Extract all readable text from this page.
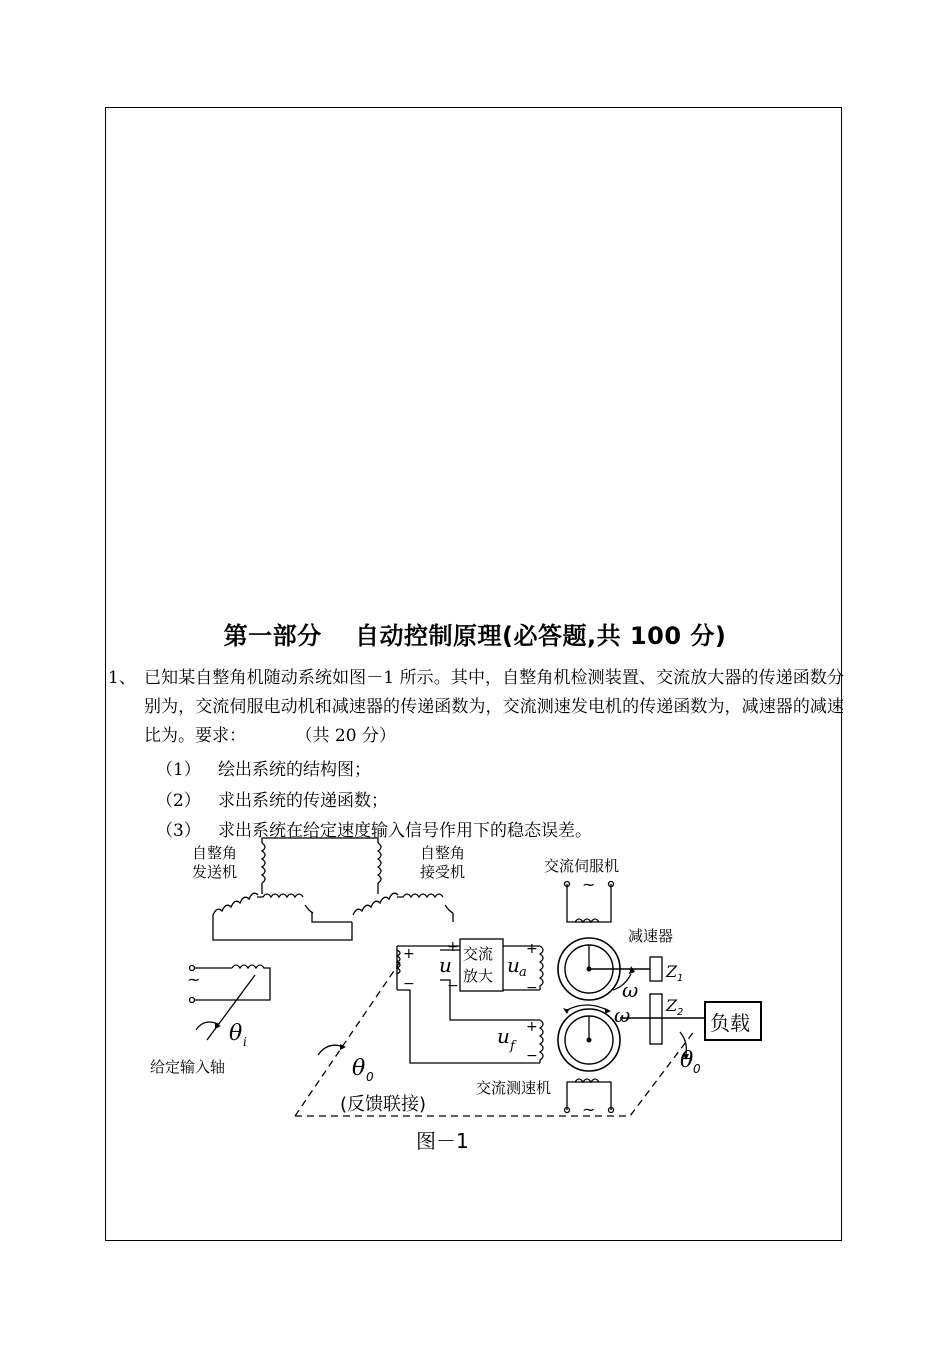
第一部分　 自动控制原理(必答题,共 100 分)
1、 已知某自整角机随动系统如图－1 所示。其中，自整角机检测装置、交流放大器的传递函数分别为，交流伺服电动机和减速器的传递函数为，交流测速发电机的传递函数为，减速器的减速比为。要求：	（共 20 分）
（1） 绘出系统的结构图；
（2） 求出系统的传递函数；
（3） 求出系统在给定速度输入信号作用下的稳态误差。
自整角
发送机
自整角
接受机	交流伺服机
减速器
交流
放大
给定输入轴
交流测速机
(反馈联接)
负载
图－1
~
~
~
+
−
+
−
+
−
+
−
θ i
θ 0
θ 0
u	u a
u f
ω
ω
Z 1
Z 2
